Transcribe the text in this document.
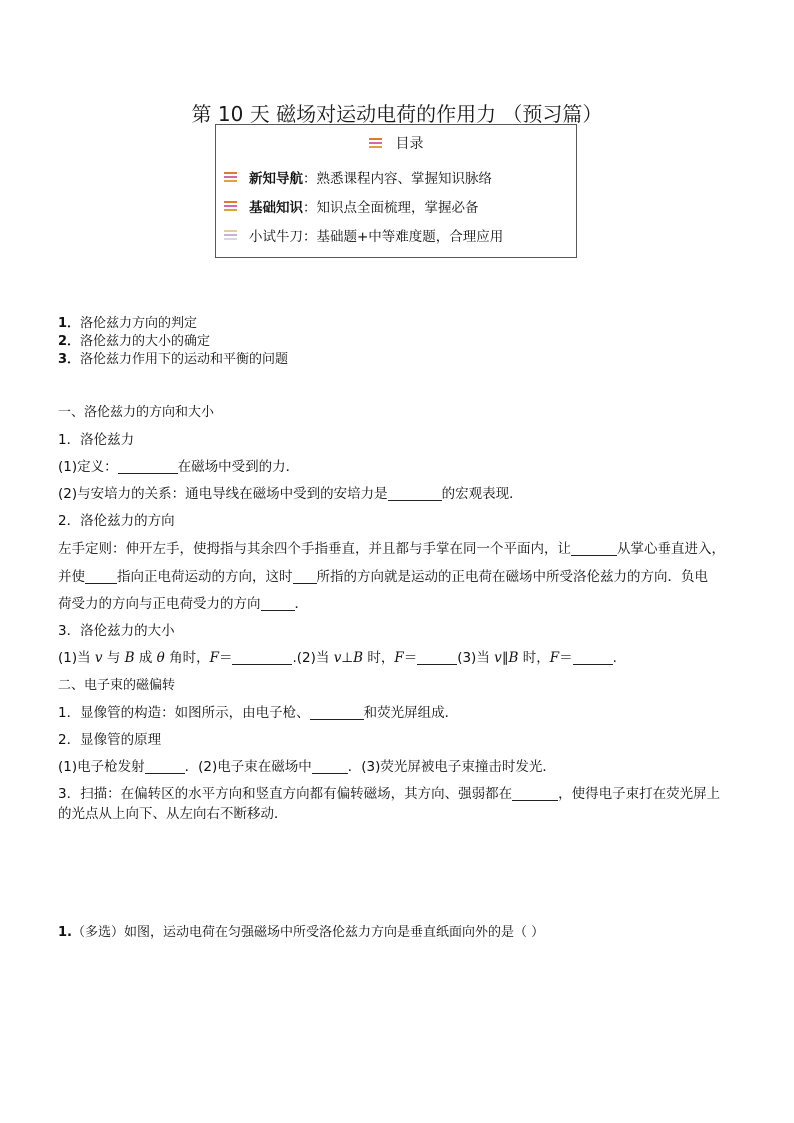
第 10 天 磁场对运动电荷的作用力 （预习篇）
目录
新知导航：熟悉课程内容、掌握知识脉络
基础知识：知识点全面梳理，掌握必备
小试牛刀：基础题+中等难度题，合理应用
1．洛伦兹力方向的判定
2．洛伦兹力的大小的确定
3．洛伦兹力作用下的运动和平衡的问题
一、洛伦兹力的方向和大小
1．洛伦兹力
(1)定义：	在磁场中受到的力．
(2)与安培力的关系：通电导线在磁场中受到的安培力是	的宏观表现．
2．洛伦兹力的方向
左手定则：伸开左手，使拇指与其余四个手指垂直，并且都与手掌在同一个平面内，让	从掌心垂直进入，
并使 指向正电荷运动的方向，这时 所指的方向就是运动的正电荷在磁场中所受洛伦兹力的方向．负电
荷受力的方向与正电荷受力的方向	．
3．洛伦兹力的大小
(1)当 v 与 B 成 θ 角时，F＝	.(2)当 v⊥B 时，F＝	(3)当 v∥B 时，F＝	.
二、电子束的磁偏转
1．显像管的构造：如图所示，由电子枪、	和荧光屏组成．
2．显像管的原理
(1)电子枪发射	．(2)电子束在磁场中	．(3)荧光屏被电子束撞击时发光．
3．扫描：在偏转区的水平方向和竖直方向都有偏转磁场，其方向、强弱都在	，使得电子束打在荧光屏上
的光点从上向下、从左向右不断移动．
1.（多选）如图，运动电荷在匀强磁场中所受洛伦兹力方向是垂直纸面向外的是（ ）
